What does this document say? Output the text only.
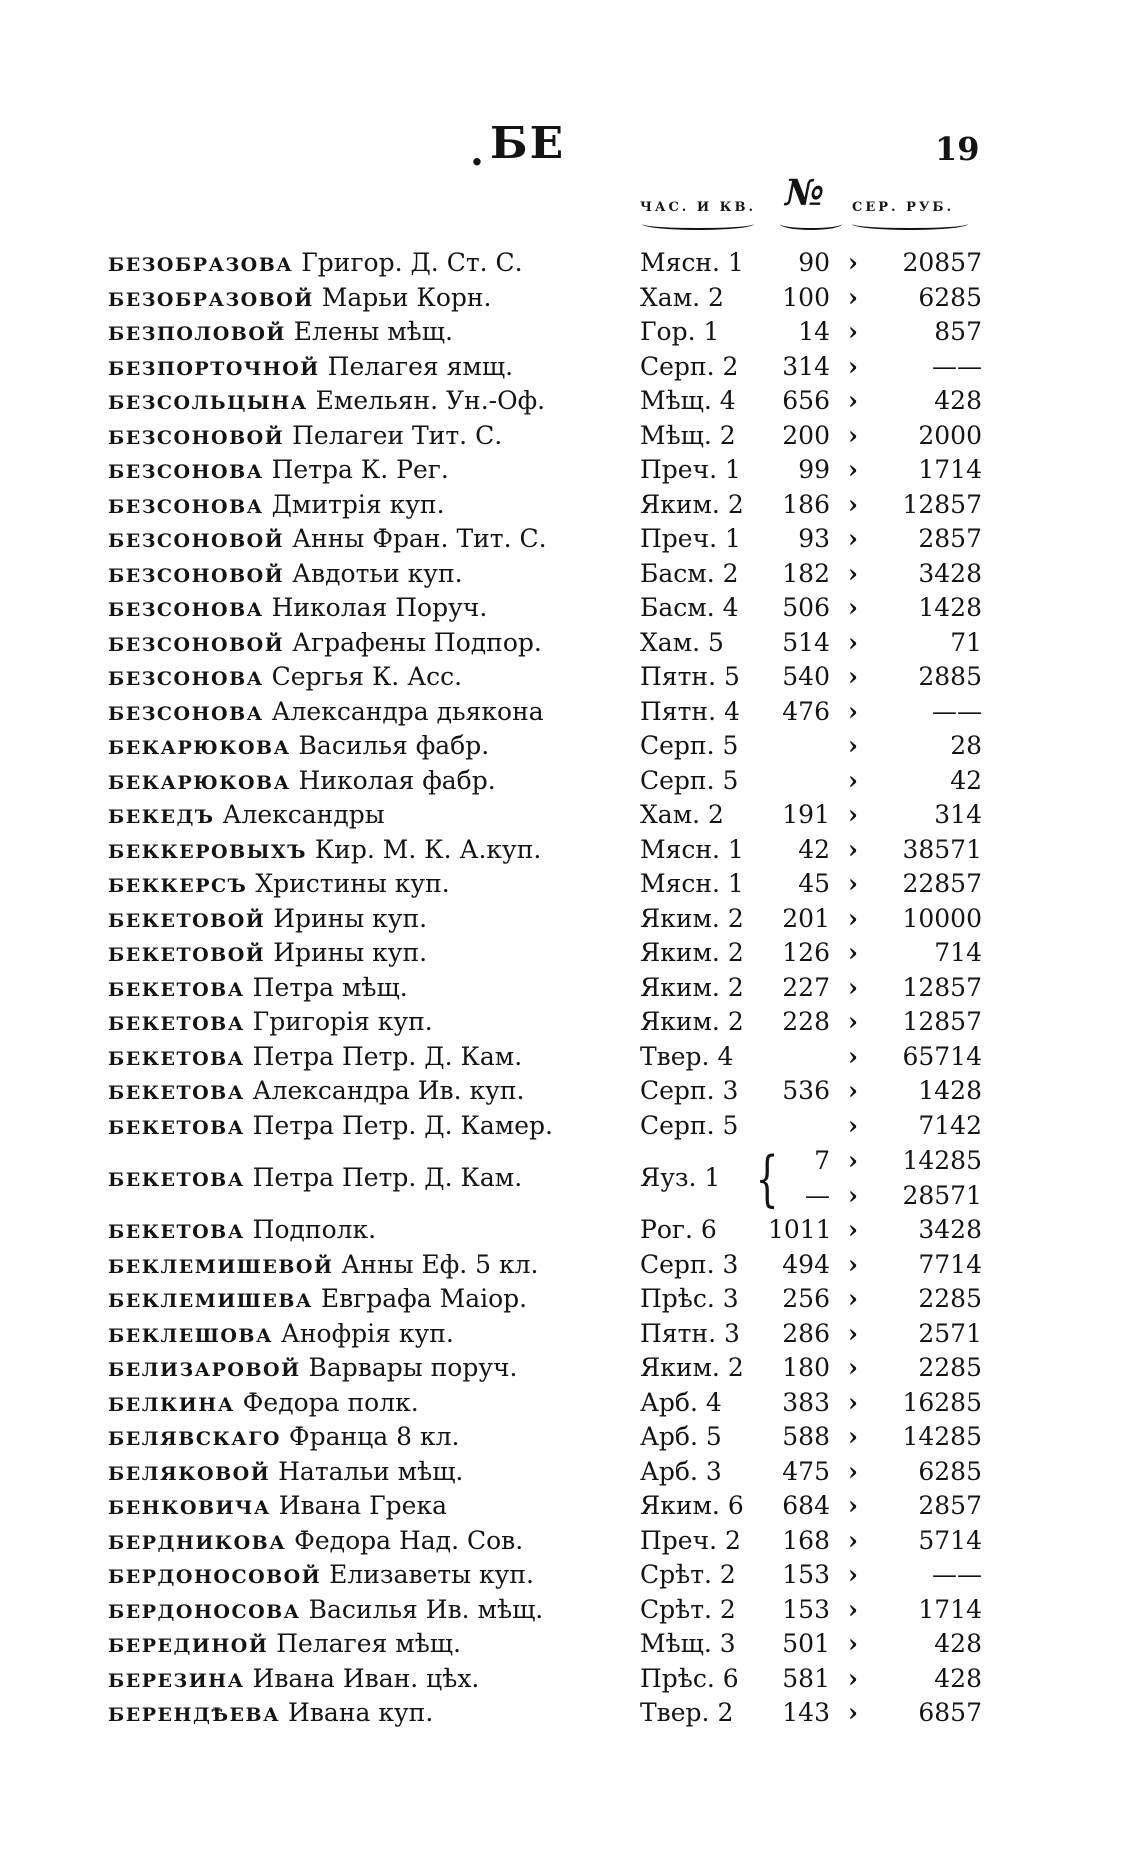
. БЕ	19
ЧАС. И КВ. № СЕР. РУБ.
БЕЗОБРАЗОВА Григор. Д. Ст. С.	Мясн. 1	90 ›	20857
БЕЗОБРАЗОВОЙ Марьи Корн.	Хам. 2	100 ›	6285
БЕЗПОЛОВОЙ Елены мѣщ.	Гор. 1	14 ›	857
БЕЗПОРТОЧНОЙ Пелагея ямщ.	Серп. 2	314 ›	——
БЕЗСОЛЬЦЫНА Емельян. Ун.-Оф.	Мѣщ. 4	656 ›	428
БЕЗСОНОВОЙ Пелагеи Тит. С.	Мѣщ. 2	200 ›	2000
БЕЗСОНОВА Петра К. Рег.	Преч. 1	99 ›	1714
БЕЗСОНОВА Дмитрія куп.	Яким. 2	186 ›	12857
БЕЗСОНОВОЙ Анны Фран. Тит. С.	Преч. 1	93 ›	2857
БЕЗСОНОВОЙ Авдотьи куп.	Басм. 2	182 ›	3428
БЕЗСОНОВА Николая Поруч.	Басм. 4	506 ›	1428
БЕЗСОНОВОЙ Аграфены Подпор.	Хам. 5	514 ›	71
БЕЗСОНОВА Сергья К. Асс.	Пятн. 5	540 ›	2885
БЕЗСОНОВА Александра дьякона	Пятн. 4	476 ›	——
БЕКАРЮКОВА Василья фабр.	Серп. 5	›	28
БЕКАРЮКОВА Николая фабр.	Серп. 5	›	42
БЕКЕДЪ Александры	Хам. 2	191 ›	314
БЕККЕРОВЫХЪ Кир. М. К. А.куп.	Мясн. 1	42 ›	38571
БЕККЕРСЪ Христины куп.	Мясн. 1	45 ›	22857
БЕКЕТОВОЙ Ирины куп.	Яким. 2	201 ›	10000
БЕКЕТОВОЙ Ирины куп.	Яким. 2	126 ›	714
БЕКЕТОВА Петра мѣщ.	Яким. 2	227 ›	12857
БЕКЕТОВА Григорія куп.	Яким. 2	228 ›	12857
БЕКЕТОВА Петра Петр. Д. Кам.	Твер. 4	›	65714
БЕКЕТОВА Александра Ив. куп.	Серп. 3	536 ›	1428
БЕКЕТОВА Петра Петр. Д. Камер.	Серп. 5	›	7142
БЕКЕТОВА Петра Петр. Д. Кам.	Яуз. 1 {	7 ›	14285
— ›	28571
БЕКЕТОВА Подполк.	Рог. 6	1011 ›	3428
БЕКЛЕМИШЕВОЙ Анны Еф. 5 кл.	Серп. 3	494 ›	7714
БЕКЛЕМИШЕВА Евграфа Маіор.	Прѣс. 3	256 ›	2285
БЕКЛЕШОВА Анофрія куп.	Пятн. 3	286 ›	2571
БЕЛИЗАРОВОЙ Варвары поруч.	Яким. 2	180 ›	2285
БЕЛКИНА Федора полк.	Арб. 4	383 ›	16285
БЕЛЯВСКАГО Франца 8 кл.	Арб. 5	588 ›	14285
БЕЛЯКОВОЙ Натальи мѣщ.	Арб. 3	475 ›	6285
БЕНКОВИЧА Ивана Грека	Яким. 6	684 ›	2857
БЕРДНИКОВА Федора Над. Сов.	Преч. 2	168 ›	5714
БЕРДОНОСОВОЙ Елизаветы куп.	Срѣт. 2	153 ›	——
БЕРДОНОСОВА Василья Ив. мѣщ.	Срѣт. 2	153 ›	1714
БЕРЕДИНОЙ Пелагея мѣщ.	Мѣщ. 3	501 ›	428
БЕРЕЗИНА Ивана Иван. цѣх.	Прѣс. 6	581 ›	428
БЕРЕНДѢЕВА Ивана куп.	Твер. 2	143 ›	6857
